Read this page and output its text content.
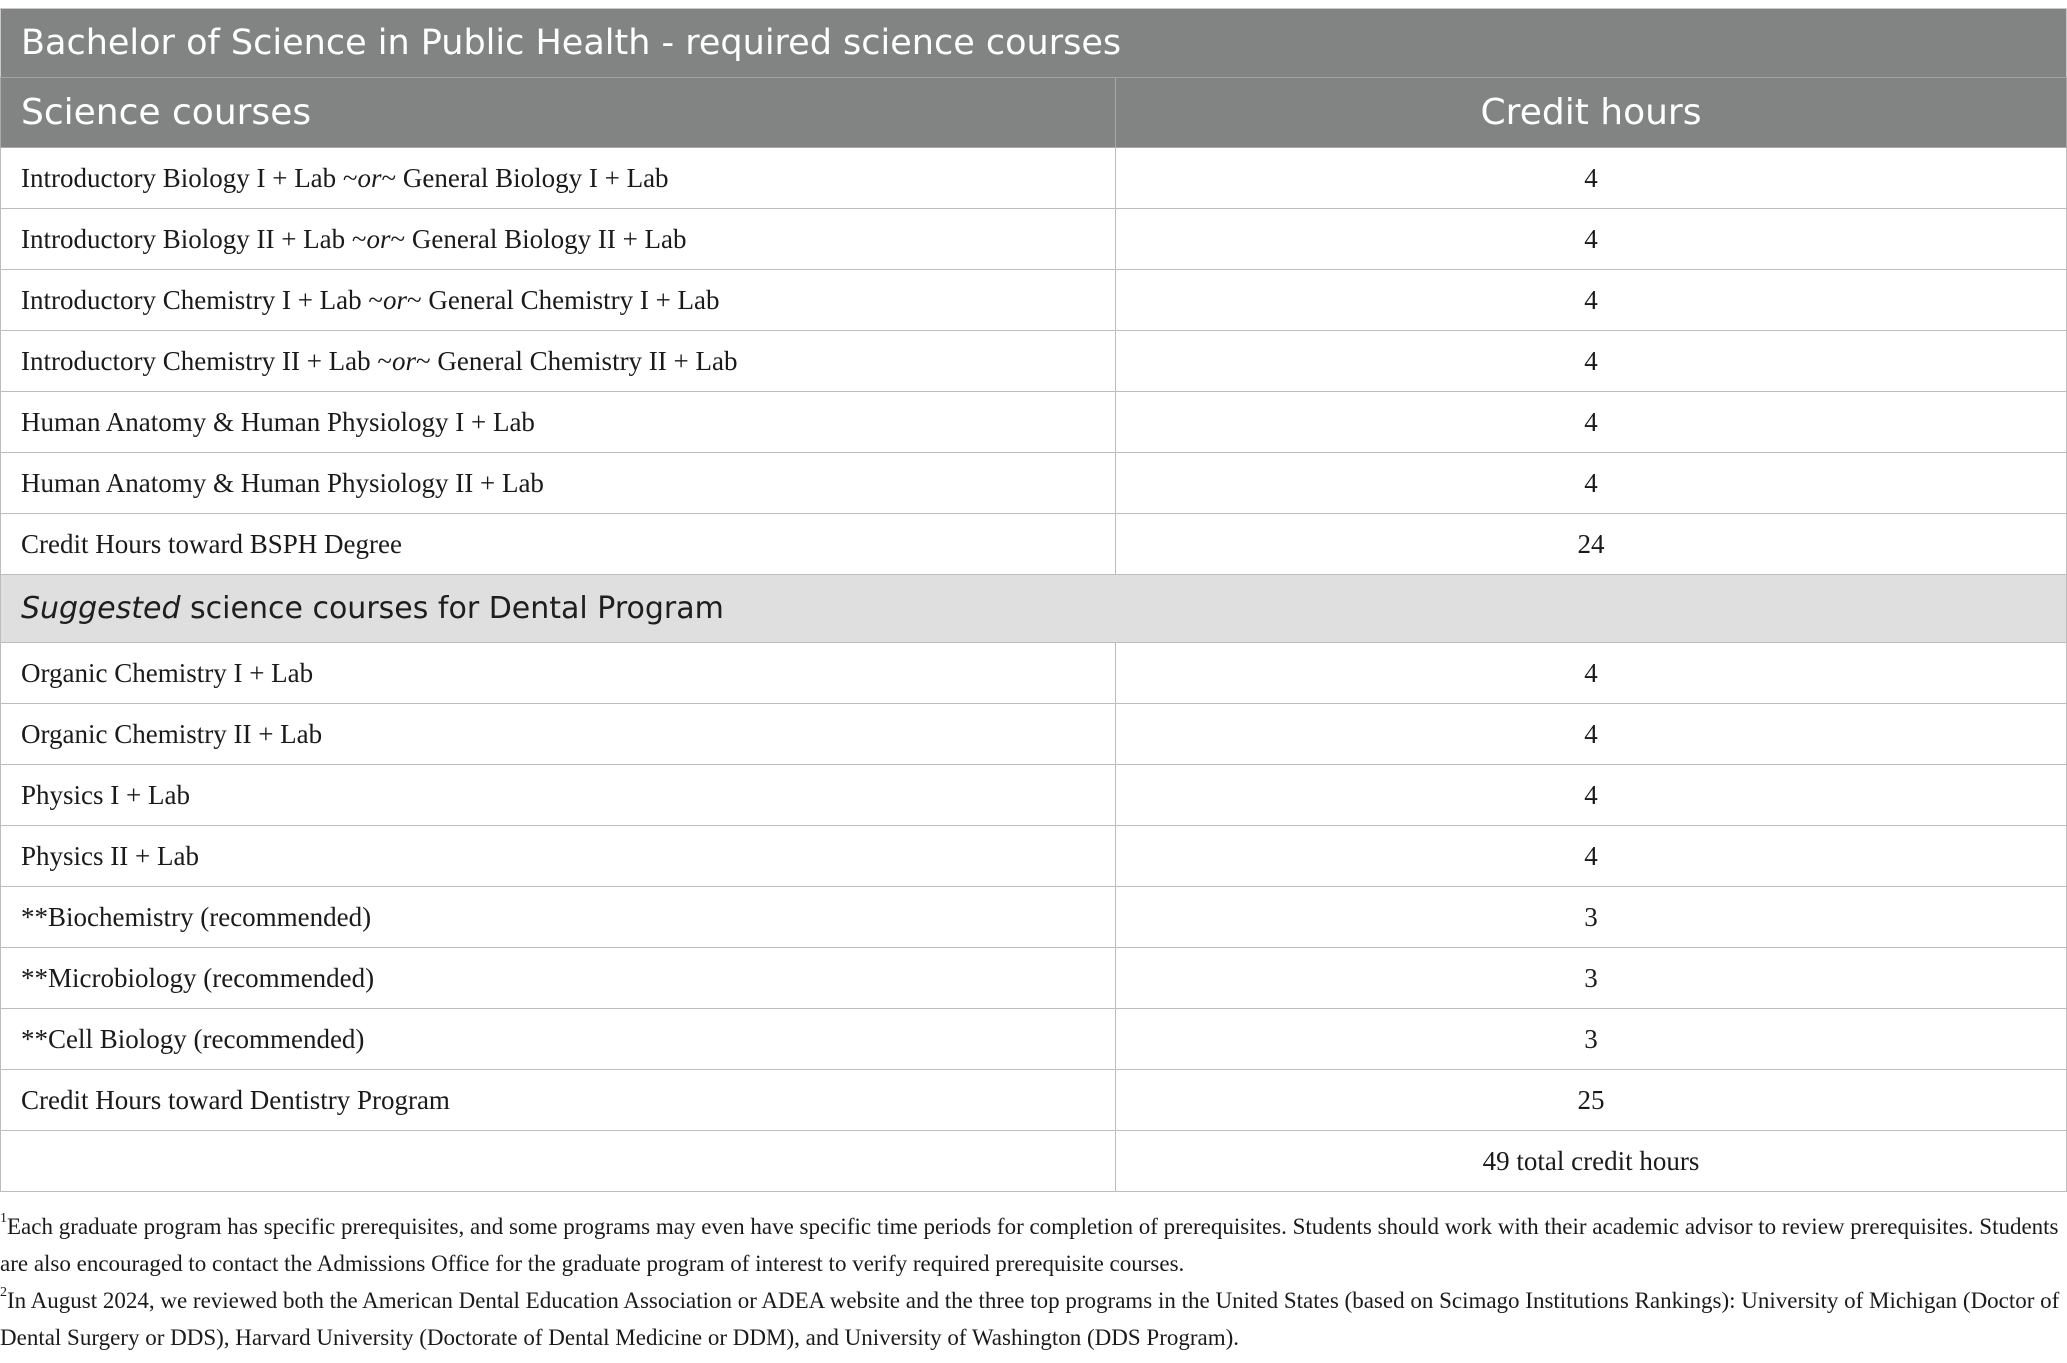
Bachelor of Science in Public Health - required science courses	
Science courses	Credit hours
Introductory Biology I + Lab ~or~ General Biology I + Lab	4
Introductory Biology II + Lab ~or~ General Biology II + Lab	4
Introductory Chemistry I + Lab ~or~ General Chemistry I + Lab	4
Introductory Chemistry II + Lab ~or~ General Chemistry II + Lab	4
Human Anatomy & Human Physiology I + Lab	4
Human Anatomy & Human Physiology II + Lab	4
Credit Hours toward BSPH Degree	24
Suggested science courses for Dental Program	
Organic Chemistry I + Lab	4
Organic Chemistry II + Lab	4
Physics I + Lab	4
Physics II + Lab	4
**Biochemistry (recommended)	3
**Microbiology (recommended)	3
**Cell Biology (recommended)	3
Credit Hours toward Dentistry Program	25
	49 total credit hours

$^1$Each graduate program has specific prerequisites, and some programs may even have specific time periods for completion of prerequisites. Students should work with their academic advisor to review prerequisites. Students are also encouraged to contact the Admissions Office for the graduate program of interest to verify required prerequisite courses.

$^2$In August 2024, we reviewed both the American Dental Education Association or ADEA website and the three top programs in the United States (based on Scimago Institutions Rankings): University of Michigan (Doctor of Dental Surgery or DDS), Harvard University (Doctorate of Dental Medicine or DDM), and University of Washington (DDS Program).
